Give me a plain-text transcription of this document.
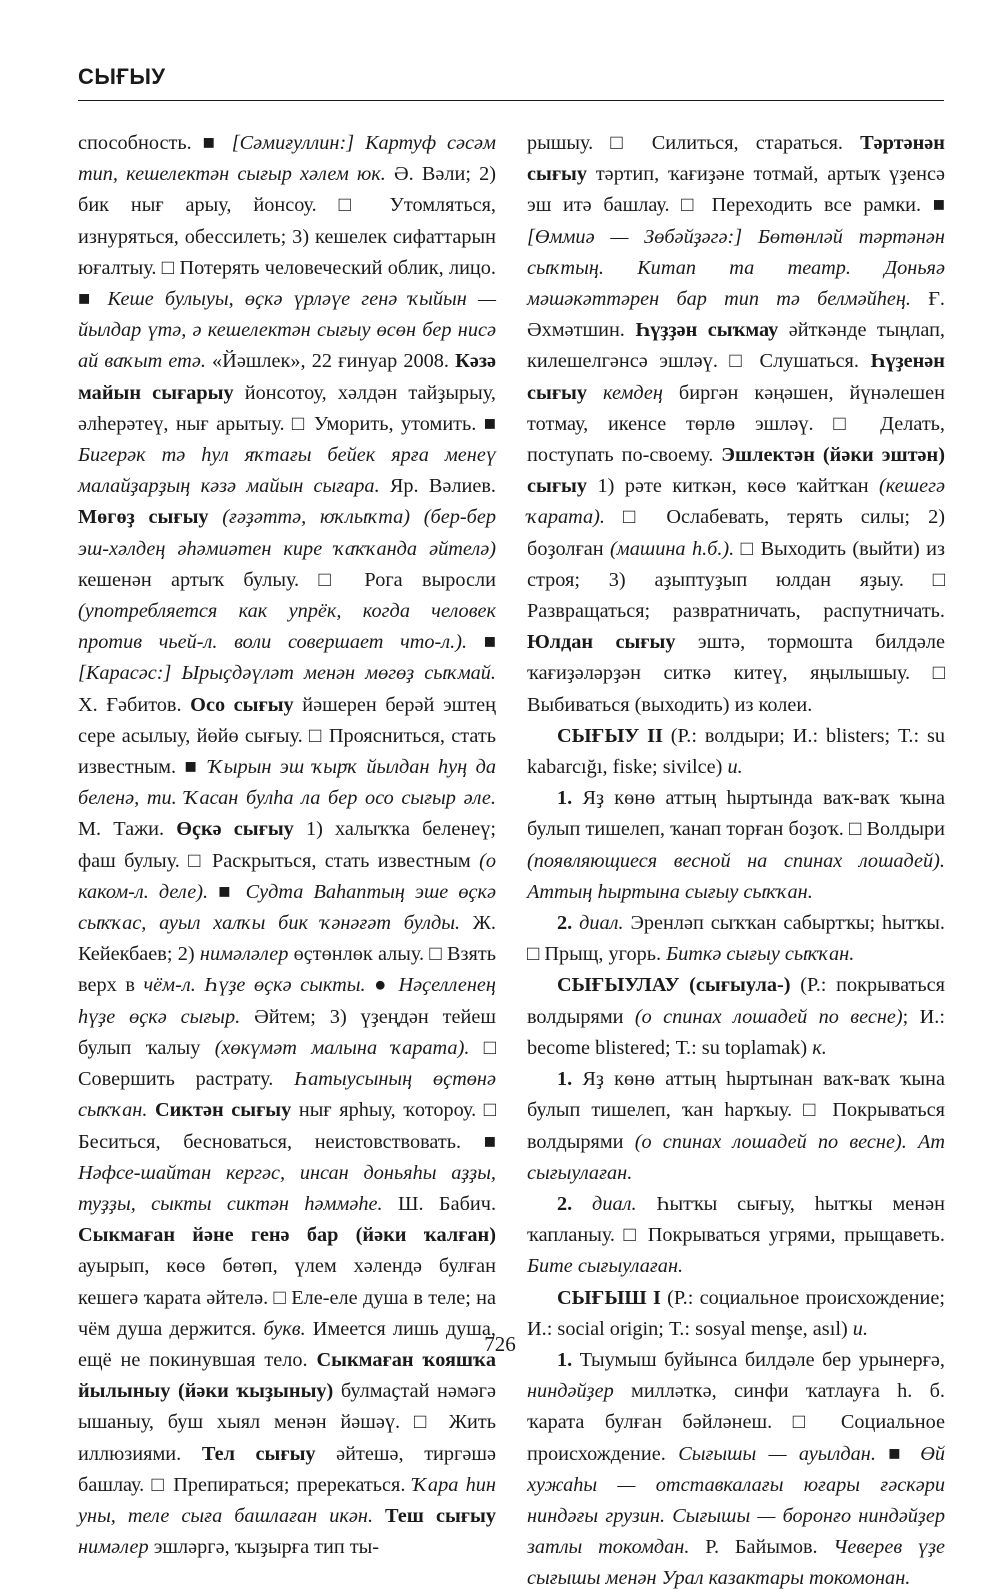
СЫҒЫУ

способность. ■ [Сәмиғуллин:] Картуф сәсәм тип, кешелектән сығыр хәлем юк. Ә. Вәли; 2) бик нығ арыу, йонсоу. □ Утомляться, изнуряться, обессилеть; 3) кешелек сифаттарын юғалтыу. □ Потерять человеческий облик, лицо. ■ Кеше булыуы, өҫкә үрләүе генә ҡыйын — йылдар үтә, ә кешелектән сығыу өсөн бер нисә ай ваҡыт етә. «Йәшлек», 22 ғинуар 2008. Кәзә майын сығарыу йонсотоу, хәлдән тайҙырыу, әлһерәтеү, нығ арытыу. □ Уморить, утомить. ■ Бигерәк тә һул яҡтағы бейек ярға менеү малайҙарҙың кәзә майын сығара. Яр. Вәлиев. Мөгөҙ сығыу (ғәҙәттә, юҡлыҡта) (бер-бер эш-хәлдең әһәмиәтен кире ҡаҡҡанда әйтелә) кешенән артыҡ булыу. □ Рога выросли (употребляется как упрёк, когда человек против чьей-л. воли совершает что-л.). ■ [Карасәс:] Ырыҫдәүләт менән мөгөҙ сыҡмай. Х. Ғәбитов. Осо сығыу йәшерен берәй эштең сере асылыу, йөйө сығыу. □ Проясниться, стать известным. ■ Ҡырын эш ҡырҡ йылдан һуң да беленә, ти. Ҡасан булһа ла бер осо сығыр әле. М. Тажи. Өҫкә сығыу 1) халыҡҡа беленеү; фаш булыу. □ Раскрыться, стать известным (о каком-л. деле). ■ Судта Ваһаптың эше өҫкә сыҡҡас, ауыл халҡы бик ҡәнәғәт булды. Ж. Кейекбаев; 2) нимәләлер өҫтөнлөк алыу. □ Взять верх в чём-л. Һүҙе өҫкә сыкты. ● Нәҫелленең һүҙе өҫкә сығыр. Әйтем; 3) үҙеңдән тейеш булып ҡалыу (хөкүмәт малына ҡарата). □ Совершить растрату. Һатыусының өҫтөнә сыҡҡан. Сиктән сығыу нығ ярһыу, ҡотороу. □ Беситься, бесноваться, неистовствовать. ■ Нәфсе-шайтан кергәс, инсан доньяһы аҙҙы, туҙҙы, сыкты сиктән һәммәһе. Ш. Бабич. Сыкмаған йәне генә бар (йәки ҡалған) ауырып, көсө бөтөп, үлем хәлендә булған кешегә ҡарата әйтелә. □ Еле-еле душа в теле; на чём душа держится. букв. Имеется лишь душа, ещё не покинувшая тело. Сыкмаған ҡояшҡа йылыныу (йәки ҡыҙыныу) булмаҫтай нәмәгә ышаныу, буш хыял менән йәшәү. □ Жить иллюзиями. Тел сығыу әйтешә, тиргәшә башлау. □ Препираться; пререкаться. Ҡара һин уны, теле сыға башлаған икән. Теш сығыу нимәлер эшләргә, ҡыҙырға тип ты-

рышыу. □ Силиться, стараться. Тәртәнән сығыу тәртип, ҡағиҙәне тотмай, артыҡ үҙенсә эш итә башлау. □ Переходить все рамки. ■ [Өммиә — Зөбәйҙәгә:] Бөтөнләй тәртәнән сыҡтың. Китап та театр. Доньяә мәшәкәттәрен бар тип тә белмәйһең. Ғ. Әхмәтшин. Һүҙҙән сыҡмау әйткәнде тыңлап, килешелгәнсә эшләү. □ Слушаться. Һүҙенән сығыу кемдең биргән кәңәшен, йүнәлешен тотмау, икенсе төрлө эшләү. □ Делать, поступать по-своему. Эшлектән (йәки эштән) сығыу 1) рәте киткән, көсө ҡайтҡан (кешегә ҡарата). □ Ослабевать, терять силы; 2) боҙолған (машина һ.б.). □ Выходить (выйти) из строя; 3) аҙыптуҙып юлдан яҙыу. □ Развращаться; развратничать, распутничать. Юлдан сығыу эштә, тормошта билдәле ҡағиҙәләрҙән ситкә китеү, яңылышыу. □ Выбиваться (выходить) из колеи.

СЫҒЫУ II (Р.: волдыри; И.: blisters; Т.: su kabarcığı, fiske; sivilce) и.

1. Яҙ көнө аттың һыртында ваҡ-ваҡ ҡына булып тишелеп, ҡанап торған боҙоҡ. □ Волдыри (появляющиеся весной на спинах лошадей). Аттың һыртына сығыу сыҡҡан.

2. диал. Эренләп сыҡҡан сабыртҡы; һытҡы. □ Прыщ, угорь. Биткә сығыу сыҡҡан.

СЫҒЫУЛАУ (сығыула-) (Р.: покрываться волдырями (о спинах лошадей по весне); И.: become blistered; Т.: su toplamak) к.

1. Яҙ көнө аттың һыртынан ваҡ-ваҡ ҡына булып тишелеп, ҡан һарҡыу. □ Покрываться волдырями (о спинах лошадей по весне). Ат сығыулаған.

2. диал. Һытҡы сығыу, һытҡы менән ҡапланыу. □ Покрываться угрями, прыщаветь. Бите сығыулаған.

СЫҒЫШ I (Р.: социальное происхождение; И.: social origin; Т.: sosyal menşe, asıl) и.

1. Тыумыш буйынса билдәле бер урынерғә, ниндәйҙер милләткә, синфи ҡатлауға һ. б. ҡарата булған бәйләнеш. □ Социальное происхождение. Сығышы — ауылдан. ■ Өй хужаһы — отставкалағы юғары ғәскәри ниндәғы грузин. Сығышы — боронғо ниндәйҙер затлы токомдан. Р. Байымов. Чеверев үҙе сығышы менән Урал казактары токомонан.

726
